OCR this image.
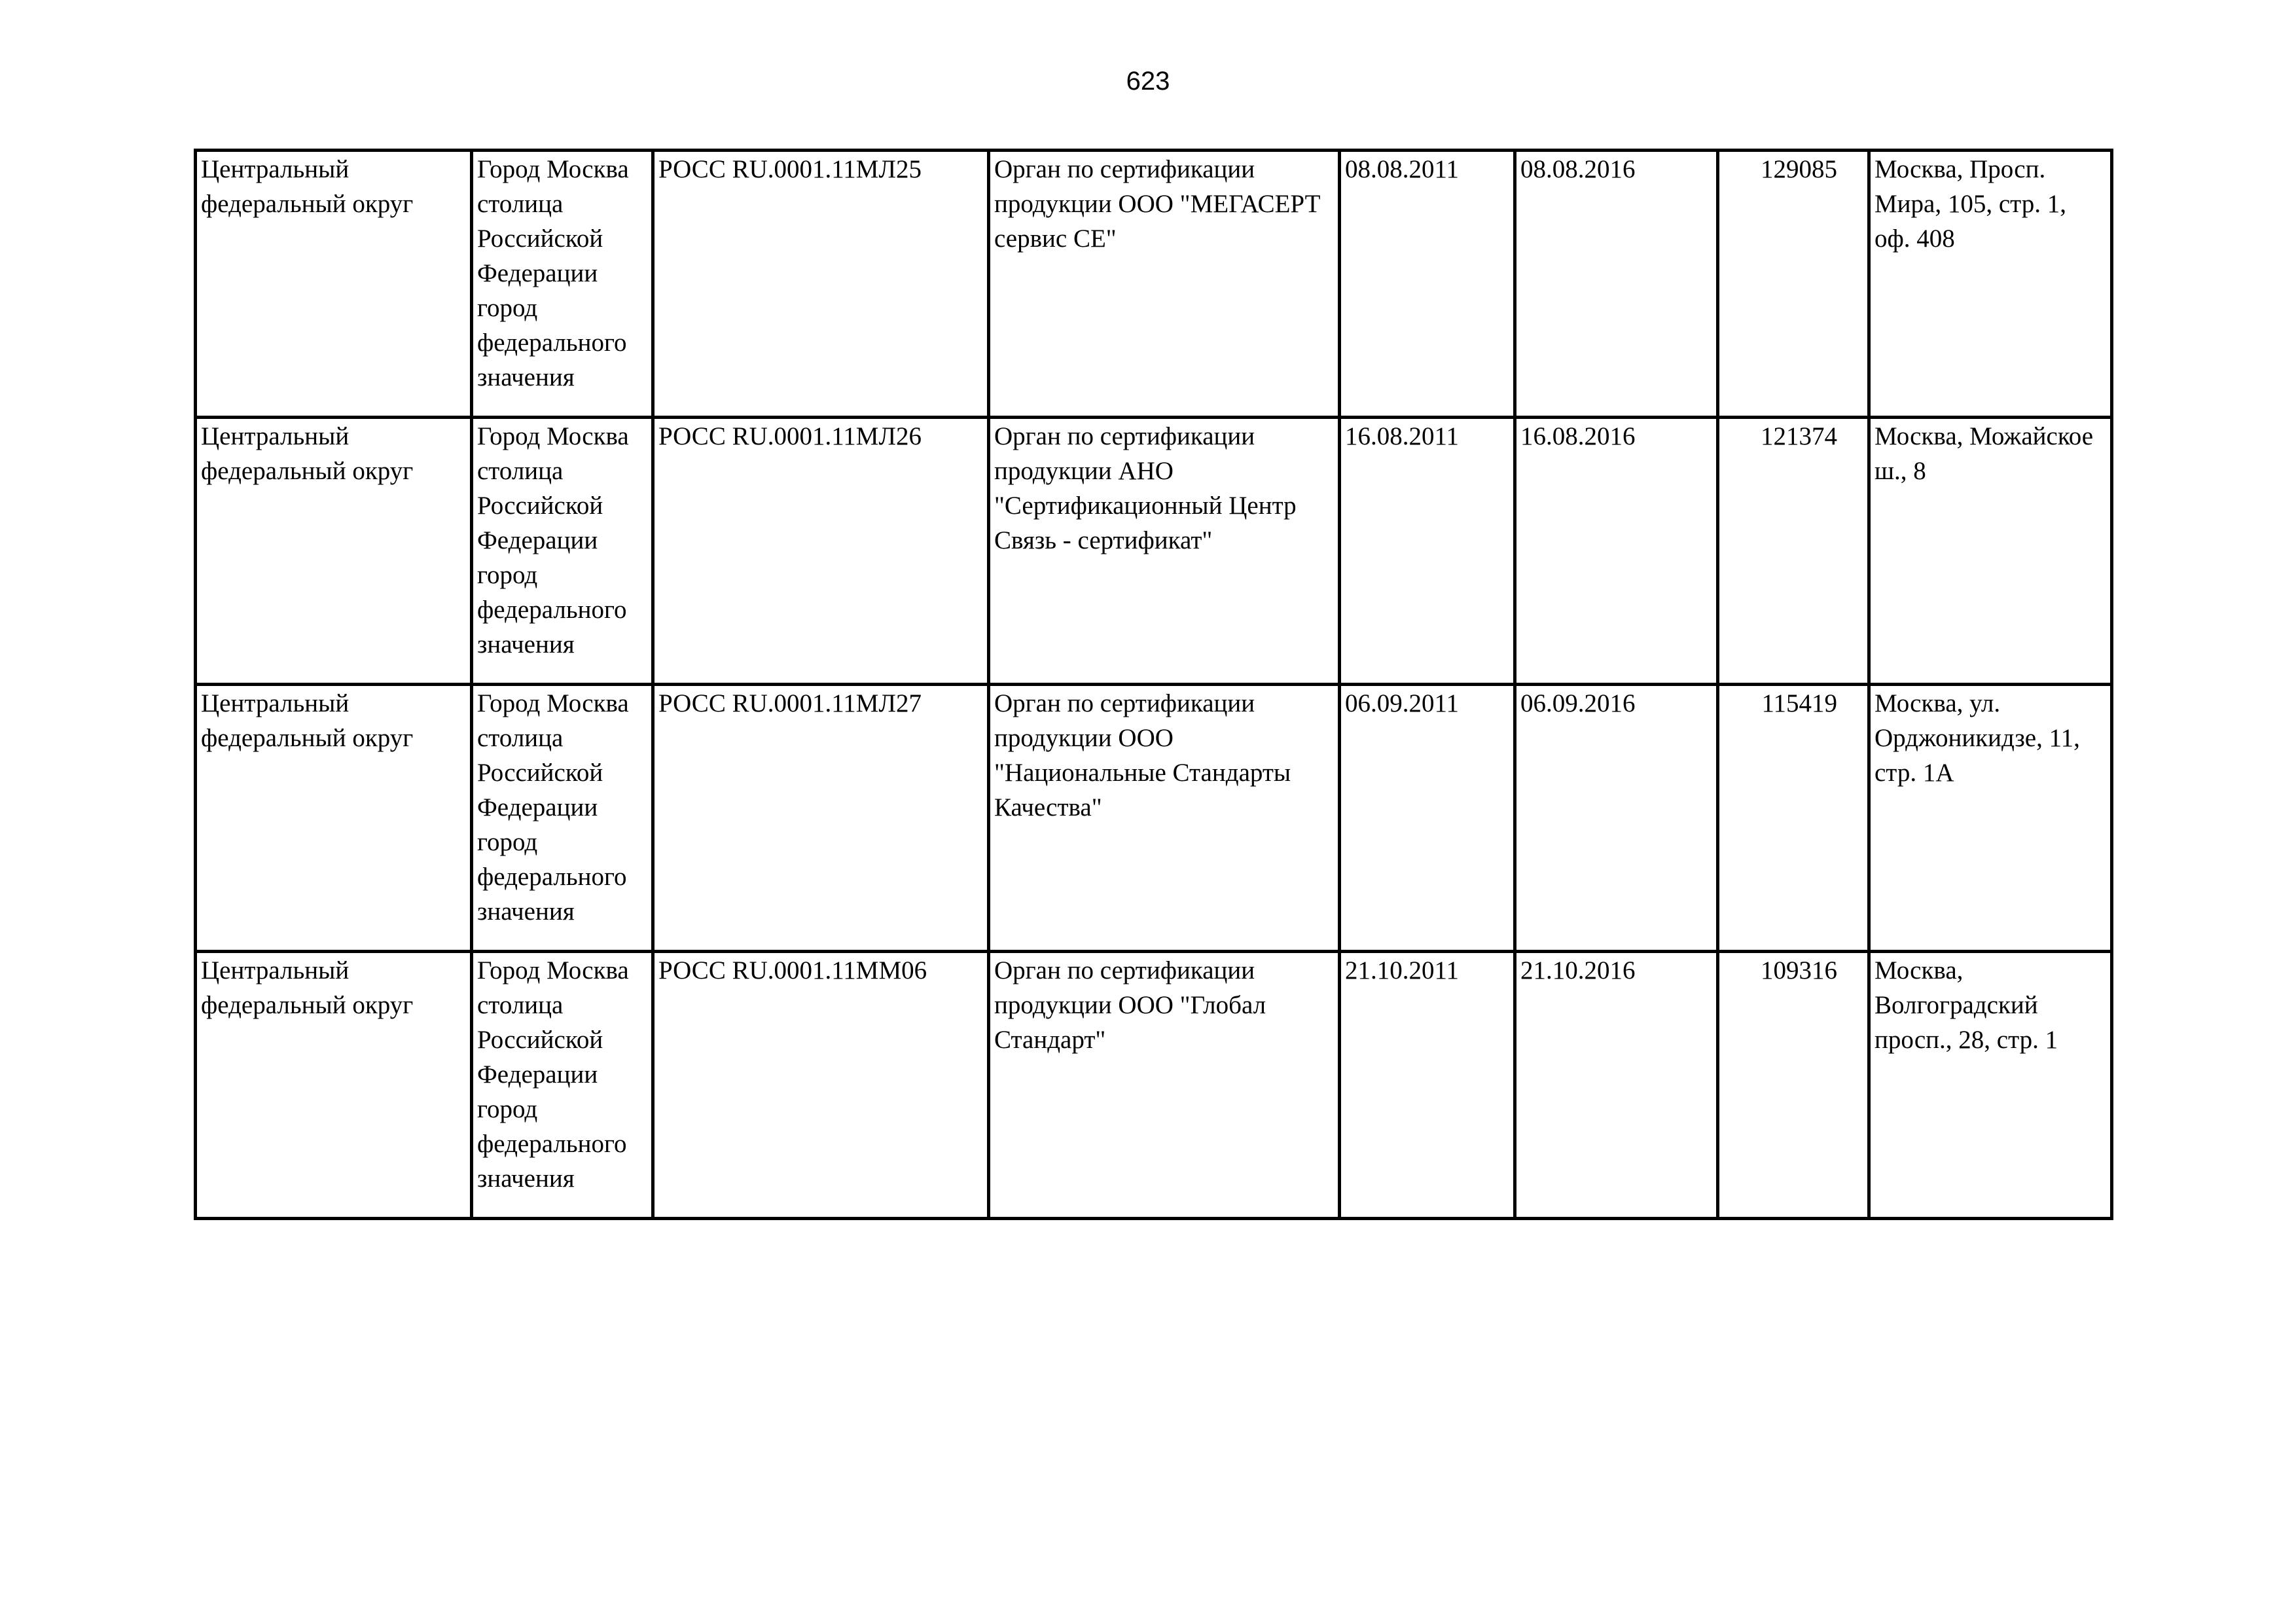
623
Центральный федеральный округ	Город Москва столица Российской Федерации город федерального значения	РОСС RU.0001.11МЛ25	Орган по сертификации продукции ООО "МЕГАСЕРТ сервис СЕ"	08.08.2011	08.08.2016	129085	Москва, Просп. Мира, 105, стр. 1, оф. 408

Центральный федеральный округ	Город Москва столица Российской Федерации город федерального значения	РОСС RU.0001.11МЛ26	Орган по сертификации продукции АНО "Сертификационный Центр Связь - сертификат"	16.08.2011	16.08.2016	121374	Москва, Можайское ш., 8

Центральный федеральный округ	Город Москва столица Российской Федерации город федерального значения	РОСС RU.0001.11МЛ27	Орган по сертификации продукции ООО "Национальные Стандарты Качества"	06.09.2011	06.09.2016	115419	Москва, ул. Орджоникидзе, 11, стр. 1А

Центральный федеральный округ	Город Москва столица Российской Федерации город федерального значения	РОСС RU.0001.11ММ06	Орган по сертификации продукции ООО "Глобал Стандарт"	21.10.2011	21.10.2016	109316	Москва, Волгоградский просп., 28, стр. 1
